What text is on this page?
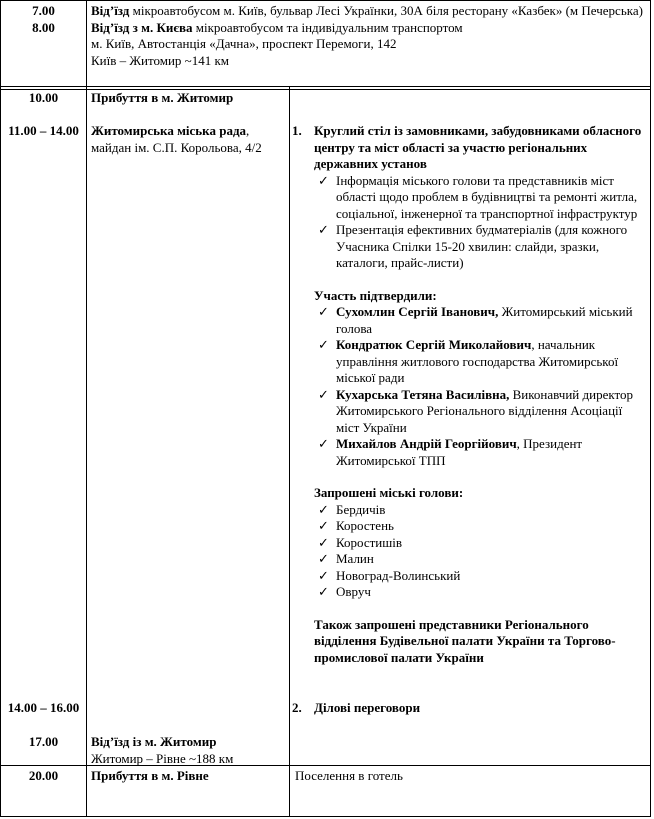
7.00
8.00
Від’їзд мікроавтобусом м. Київ, бульвар Лесі Українки, 30А біля ресторану «Казбек» (м Печерська)
Від’їзд з м. Києва мікроавтобусом та індивідуальним транспортом
м. Київ, Автостанція «Дачна», проспект Перемоги, 142
Київ – Житомир ~141 км
10.00
11.00 – 14.00
14.00 – 16.00
17.00
Прибуття в м. Житомир
Житомирська міська рада,
майдан ім. С.П. Корольова, 4/2
Від’їзд із м. Житомир
Житомир – Рівне ~188 км
1. Круглий стіл із замовниками, забудовниками обласного центру та міст області за участю регіональних державних установ
✓ Інформація міського голови та представників міст області щодо проблем в будівництві та ремонті житла, соціальної, інженерної та транспортної інфраструктур
✓ Презентація ефективних будматеріалів (для кожного Учасника Спілки 15-20 хвилин: слайди, зразки, каталоги, прайс-листи)
Участь підтвердили:
✓ Сухомлин Сергій Іванович, Житомирський міський голова
✓ Кондратюк Сергій Миколайович, начальник управління житлового господарства Житомирської міської ради
✓ Кухарська Тетяна Василівна, Виконавчий директор Житомирського Регіонального відділення Асоціації міст України
✓ Михайлов Андрій Георгійович, Президент Житомирської ТПП
Запрошені міські голови:
✓ Бердичів
✓ Коростень
✓ Коростишів
✓ Малин
✓ Новоград-Волинський
✓ Овруч
Також запрошені представники Регіонального відділення Будівельної палати України та Торгово-промислової палати України
2. Ділові переговори
20.00	Прибуття в м. Рівне	Поселення в готель
